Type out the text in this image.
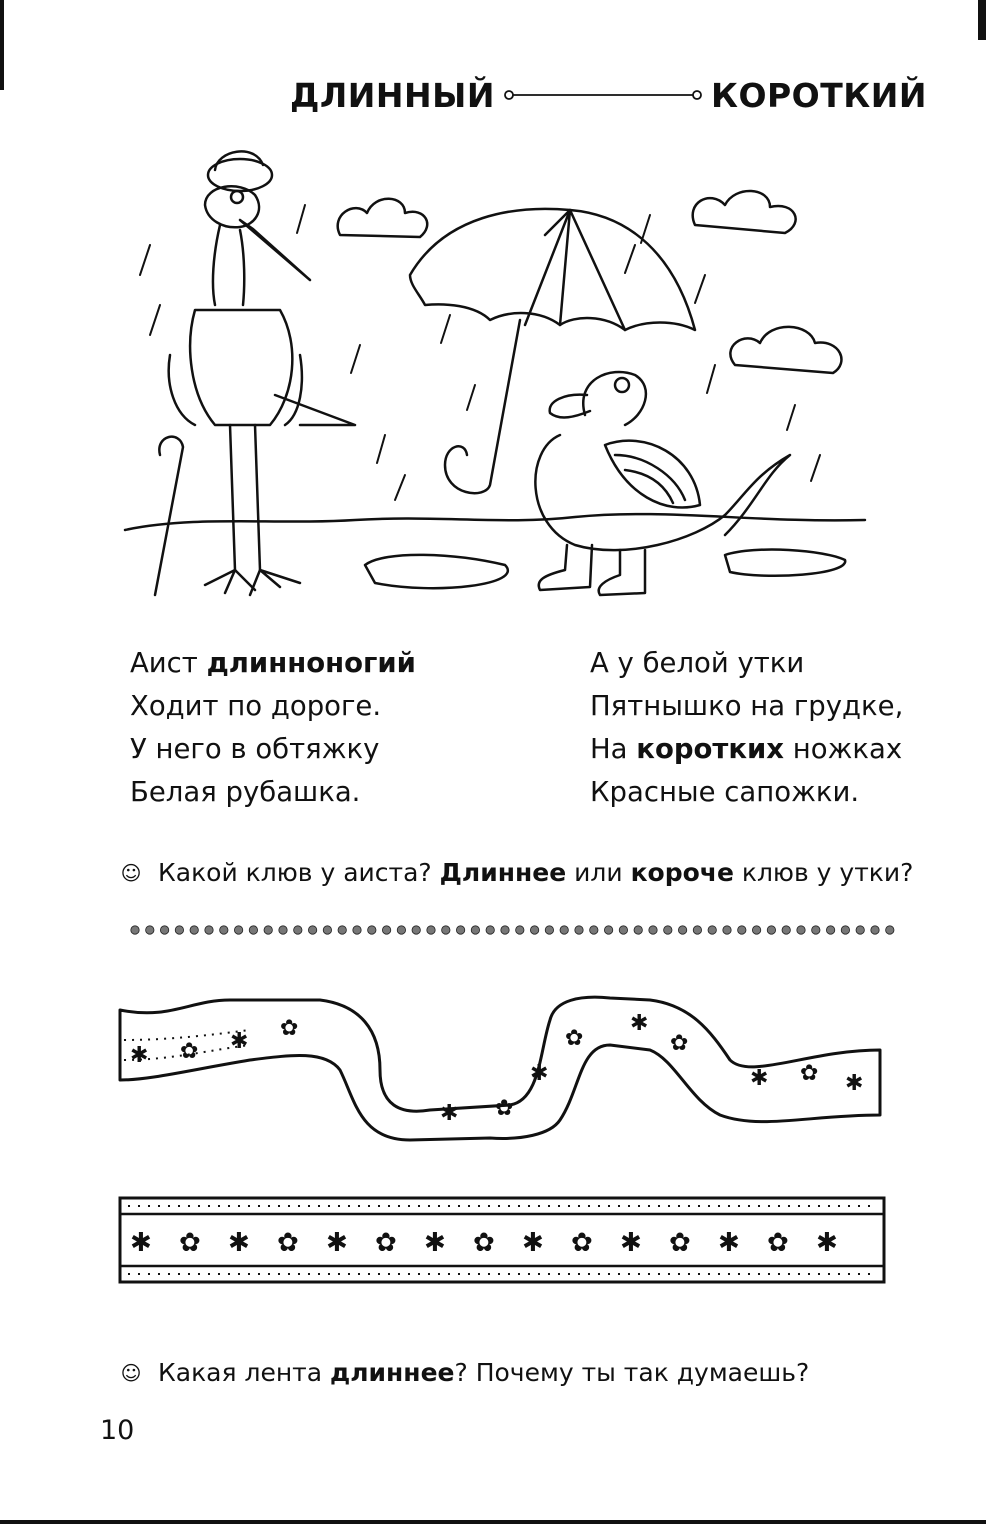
ДЛИННЫЙ	КОРОТКИЙ

Аист длинноногий

Ходит по дороге.

У него в обтяжку

Белая рубашка.

А у белой утки

Пятнышко на грудке,

На коротких ножках

Красные сапожки.

☺ Какой клюв у аиста? Длиннее или короче клюв у утки?
✱ ✿ ✱
✿
✱ ✿
✱
✿
✱
✿
✱ ✿ ✱
✱ ✿ ✱ ✿ ✱ ✿ ✱ ✿ ✱ ✿ ✱ ✿ ✱ ✿ ✱
☺ Какая лента длиннее? Почему ты так думаешь?
10
